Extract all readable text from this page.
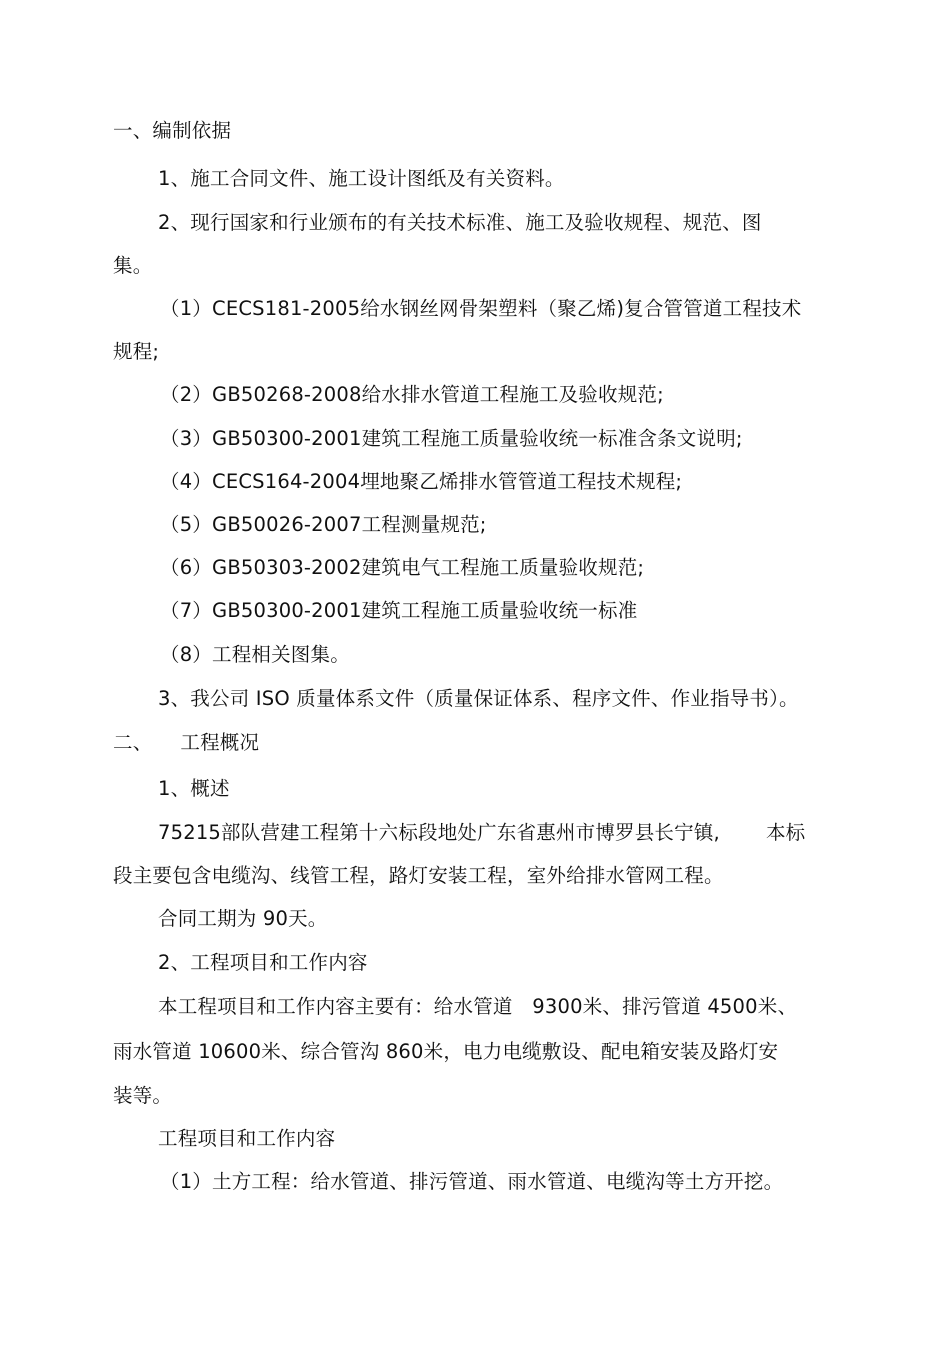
一、编制依据
1、施工合同文件、施工设计图纸及有关资料。
2、现行国家和行业颁布的有关技术标准、施工及验收规程、规范、图
集。
（1）CECS181-2005给水钢丝网骨架塑料（聚乙烯)复合管管道工程技术
规程;
（2）GB50268-2008给水排水管道工程施工及验收规范;
（3）GB50300-2001建筑工程施工质量验收统一标准含条文说明;
（4）CECS164-2004埋地聚乙烯排水管管道工程技术规程;
（5）GB50026-2007工程测量规范;
（6）GB50303-2002建筑电气工程施工质量验收规范;
（7）GB50300-2001建筑工程施工质量验收统一标准
（8）工程相关图集。
3、我公司 ISO 质量体系文件（质量保证体系、程序文件、作业指导书）。
二、 工程概况
1、概述
75215部队营建工程第十六标段地处广东省惠州市博罗县长宁镇, 本标
段主要包含电缆沟、线管工程，路灯安装工程，室外给排水管网工程。
合同工期为 90天。
2、工程项目和工作内容
本工程项目和工作内容主要有：给水管道　9300米、排污管道 4500米、
雨水管道 10600米、综合管沟 860米，电力电缆敷设、配电箱安装及路灯安
装等。
工程项目和工作内容
（1）土方工程：给水管道、排污管道、雨水管道、电缆沟等土方开挖。
